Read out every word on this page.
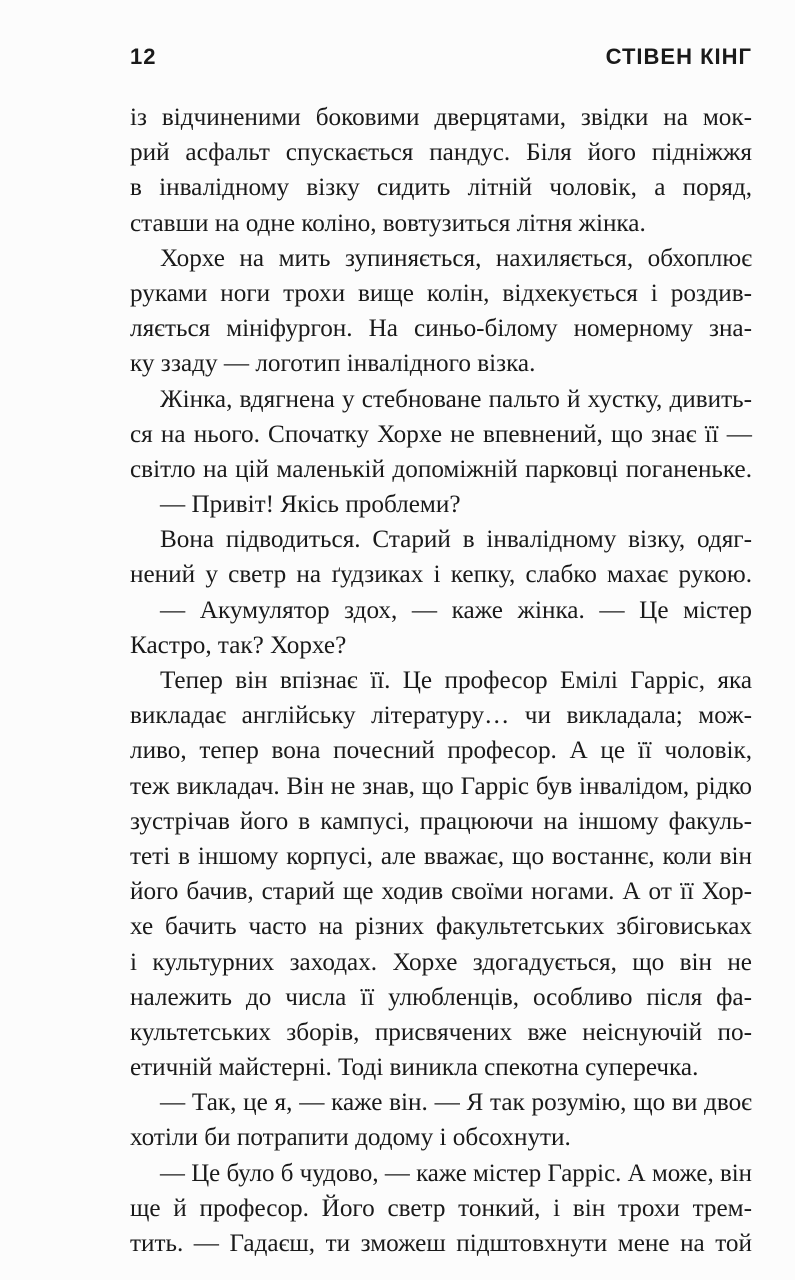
12	СТІВЕН КІНГ
із відчиненими боковими дверцятами, звідки на мок-
рий асфальт спускається пандус. Біля його підніжжя
в інвалідному візку сидить літній чоловік, а поряд,
ставши на одне коліно, вовтузиться літня жінка.
Хорхе на мить зупиняється, нахиляється, обхоплює
руками ноги трохи вище колін, відхекується і роздив-
ляється мініфургон. На синьо-білому номерному зна-
ку ззаду — логотип інвалідного візка.
Жінка, вдягнена у стебноване пальто й хустку, дивить-
ся на нього. Спочатку Хорхе не впевнений, що знає її —
світло на цій маленькій допоміжній парковці поганеньке.
— Привіт! Якісь проблеми?
Вона підводиться. Старий в інвалідному візку, одяг-
нений у светр на ґудзиках і кепку, слабко махає рукою.
— Акумулятор здох, — каже жінка. — Це містер
Кастро, так? Хорхе?
Тепер він впізнає її. Це професор Емілі Гарріс, яка
викладає англійську літературу… чи викладала; мож-
ливо, тепер вона почесний професор. А це її чоловік,
теж викладач. Він не знав, що Гарріс був інвалідом, рідко
зустрічав його в кампусі, працюючи на іншому факуль-
теті в іншому корпусі, але вважає, що востаннє, коли він
його бачив, старий ще ходив своїми ногами. А от її Хор-
хе бачить часто на різних факультетських збіговиськах
і культурних заходах. Хорхе здогадується, що він не
належить до числа її улюбленців, особливо після фа-
культетських зборів, присвячених вже неіснуючій по-
етичній майстерні. Тоді виникла спекотна суперечка.
— Так, це я, — каже він. — Я так розумію, що ви двоє
хотіли би потрапити додому і обсохнути.
— Це було б чудово, — каже містер Гарріс. А може, він
ще й професор. Його светр тонкий, і він трохи трем-
тить. — Гадаєш, ти зможеш підштовхнути мене на той
